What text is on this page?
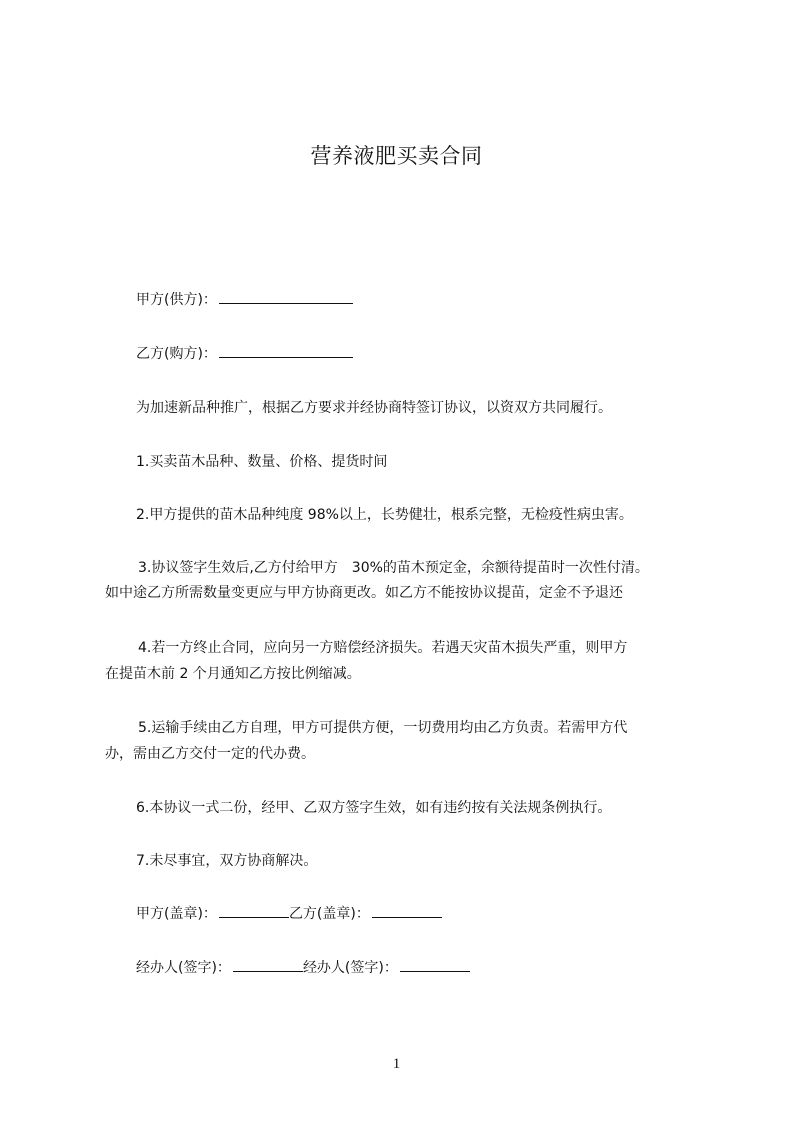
营养液肥买卖合同
甲方(供方)：
乙方(购方)：
为加速新品种推广，根据乙方要求并经协商特签订协议，以资双方共同履行。
1.买卖苗木品种、数量、价格、提货时间
2.甲方提供的苗木品种纯度 98%以上，长势健壮，根系完整，无检疫性病虫害。
3.协议签字生效后,乙方付给甲方　30%的苗木预定金，余额待提苗时一次性付清。
如中途乙方所需数量变更应与甲方协商更改。如乙方不能按协议提苗，定金不予退还
4.若一方终止合同，应向另一方赔偿经济损失。若遇天灾苗木损失严重，则甲方
在提苗木前 2 个月通知乙方按比例缩减。
5.运输手续由乙方自理，甲方可提供方便，一切费用均由乙方负责。若需甲方代
办，需由乙方交付一定的代办费。
6.本协议一式二份，经甲、乙双方签字生效，如有违约按有关法规条例执行。
7.未尽事宜，双方协商解决。
甲方(盖章)：	乙方(盖章)：
经办人(签字)：	经办人(签字)：
1
